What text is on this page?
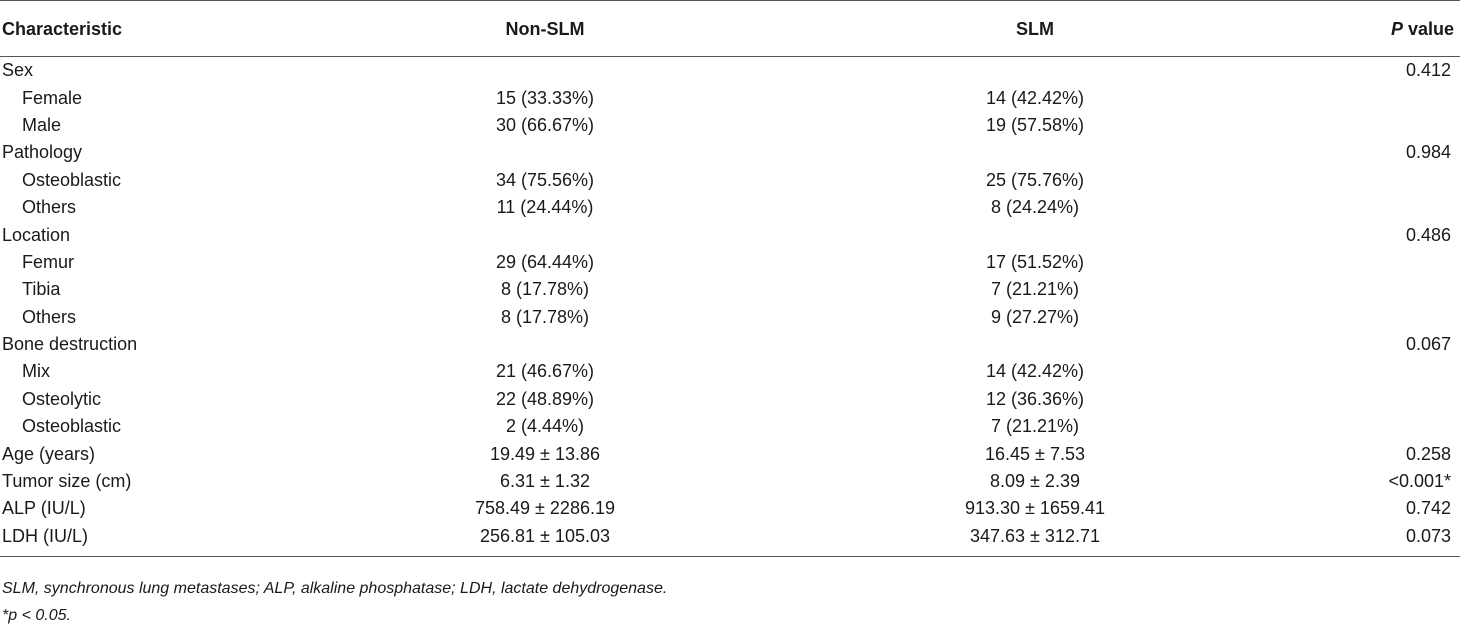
Characteristic	Non-SLM	SLM	P value
Sex			0.412
Female	15 (33.33%)	14 (42.42%)	
Male	30 (66.67%)	19 (57.58%)	
Pathology			0.984
Osteoblastic	34 (75.56%)	25 (75.76%)	
Others	11 (24.44%)	8 (24.24%)	
Location			0.486
Femur	29 (64.44%)	17 (51.52%)	
Tibia	8 (17.78%)	7 (21.21%)	
Others	8 (17.78%)	9 (27.27%)	
Bone destruction			0.067
Mix	21 (46.67%)	14 (42.42%)	
Osteolytic	22 (48.89%)	12 (36.36%)	
Osteoblastic	2 (4.44%)	7 (21.21%)	
Age (years)	19.49 ± 13.86	16.45 ± 7.53	0.258
Tumor size (cm)	6.31 ± 1.32	8.09 ± 2.39	<0.001*
ALP (IU/L)	758.49 ± 2286.19	913.30 ± 1659.41	0.742
LDH (IU/L)	256.81 ± 105.03	347.63 ± 312.71	0.073
SLM, synchronous lung metastases; ALP, alkaline phosphatase; LDH, lactate dehydrogenase.
*p < 0.05.
